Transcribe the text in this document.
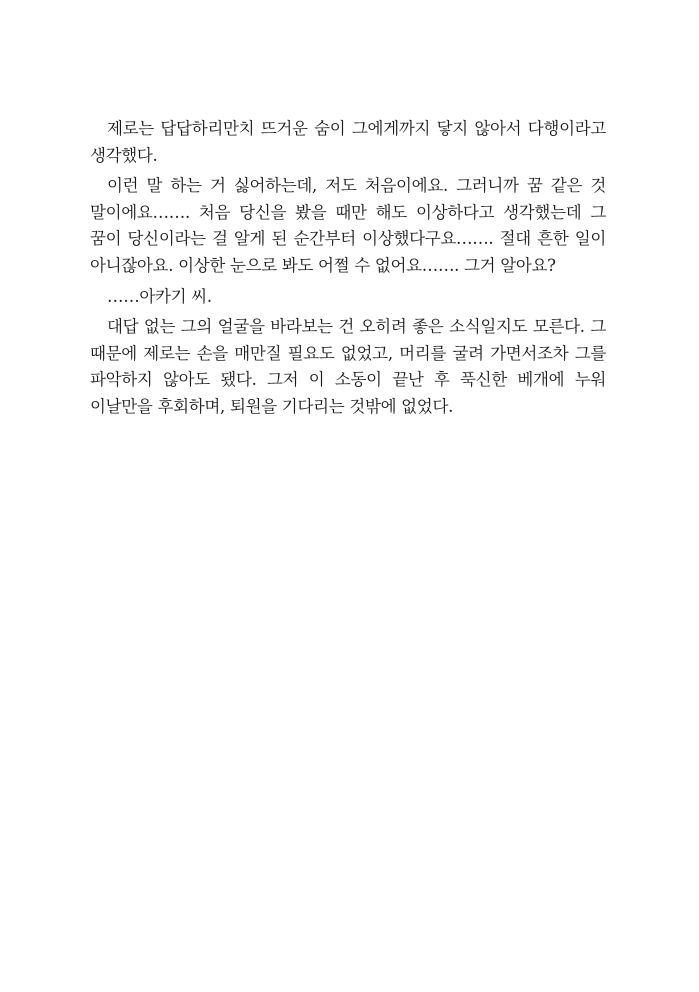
제로는 답답하리만치 뜨거운 숨이 그에게까지 닿지 않아서 다행이라고 생각했다.

이런 말 하는 거 싫어하는데, 저도 처음이에요. 그러니까 꿈 같은 것 말이에요……. 처음 당신을 봤을 때만 해도 이상하다고 생각했는데 그 꿈이 당신이라는 걸 알게 된 순간부터 이상했다구요……. 절대 흔한 일이 아니잖아요. 이상한 눈으로 봐도 어쩔 수 없어요……. 그거 알아요?

……아카기 씨.

대답 없는 그의 얼굴을 바라보는 건 오히려 좋은 소식일지도 모른다. 그 때문에 제로는 손을 매만질 필요도 없었고, 머리를 굴려 가면서조차 그를 파악하지 않아도 됐다. 그저 이 소동이 끝난 후 푹신한 베개에 누워 이날만을 후회하며, 퇴원을 기다리는 것밖에 없었다.
